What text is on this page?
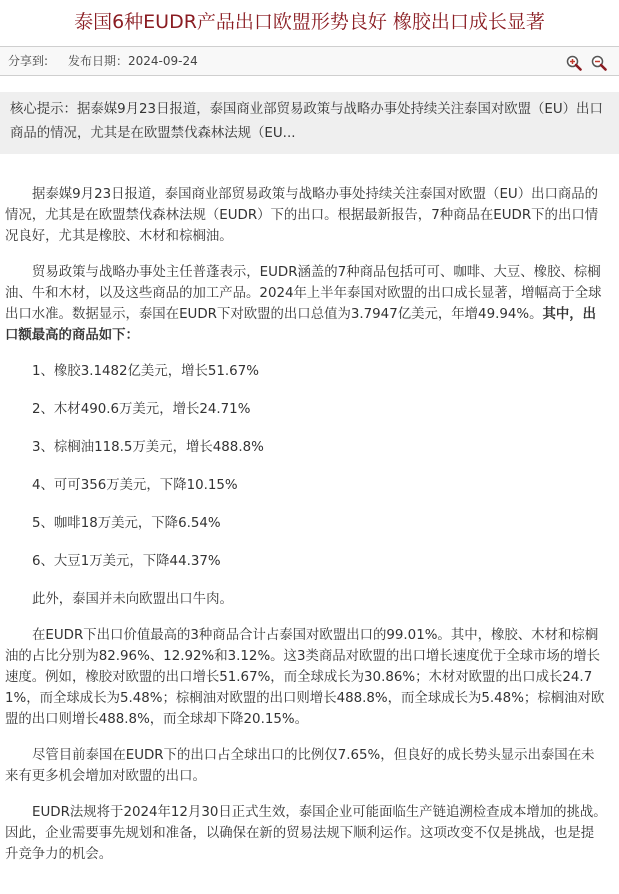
泰国6种EUDR产品出口欧盟形势良好 橡胶出口成长显著
分享到: 发布日期：2024-09-24
核心提示：据泰媒9月23日报道，泰国商业部贸易政策与战略办事处持续关注泰国对欧盟（EU）出口商品的情况，尤其是在欧盟禁伐森林法规（EU...

据泰媒9月23日报道，泰国商业部贸易政策与战略办事处持续关注泰国对欧盟（EU）出口商品的情况，尤其是在欧盟禁伐森林法规（EUDR）下的出口。根据最新报告，7种商品在EUDR下的出口情况良好，尤其是橡胶、木材和棕榈油。

贸易政策与战略办事处主任普蓬表示，EUDR涵盖的7种商品包括可可、咖啡、大豆、橡胶、棕榈油、牛和木材，以及这些商品的加工产品。2024年上半年泰国对欧盟的出口成长显著，增幅高于全球出口水准。数据显示，泰国在EUDR下对欧盟的出口总值为3.7947亿美元，年增49.94%。其中，出口额最高的商品如下：

1、橡胶3.1482亿美元，增长51.67%

2、木材490.6万美元，增长24.71%

3、棕榈油118.5万美元，增长488.8%

4、可可356万美元，下降10.15%

5、咖啡18万美元，下降6.54%

6、大豆1万美元，下降44.37%

此外，泰国并未向欧盟出口牛肉。

在EUDR下出口价值最高的3种商品合计占泰国对欧盟出口的99.01%。其中，橡胶、木材和棕榈油的占比分别为82.96%、12.92%和3.12%。这3类商品对欧盟的出口增长速度优于全球市场的增长速度。例如，橡胶对欧盟的出口增长51.67%，而全球成长为30.86%；木材对欧盟的出口成长24.71%，而全球成长为5.48%；棕榈油对欧盟的出口则增长488.8%，而全球成长为5.48%；棕榈油对欧盟的出口则增长488.8%，而全球却下降20.15%。

尽管目前泰国在EUDR下的出口占全球出口的比例仅7.65%，但良好的成长势头显示出泰国在未来有更多机会增加对欧盟的出口。

EUDR法规将于2024年12月30日正式生效，泰国企业可能面临生产链追溯检查成本增加的挑战。因此，企业需要事先规划和准备，以确保在新的贸易法规下顺利运作。这项改变不仅是挑战，也是提升竞争力的机会。
